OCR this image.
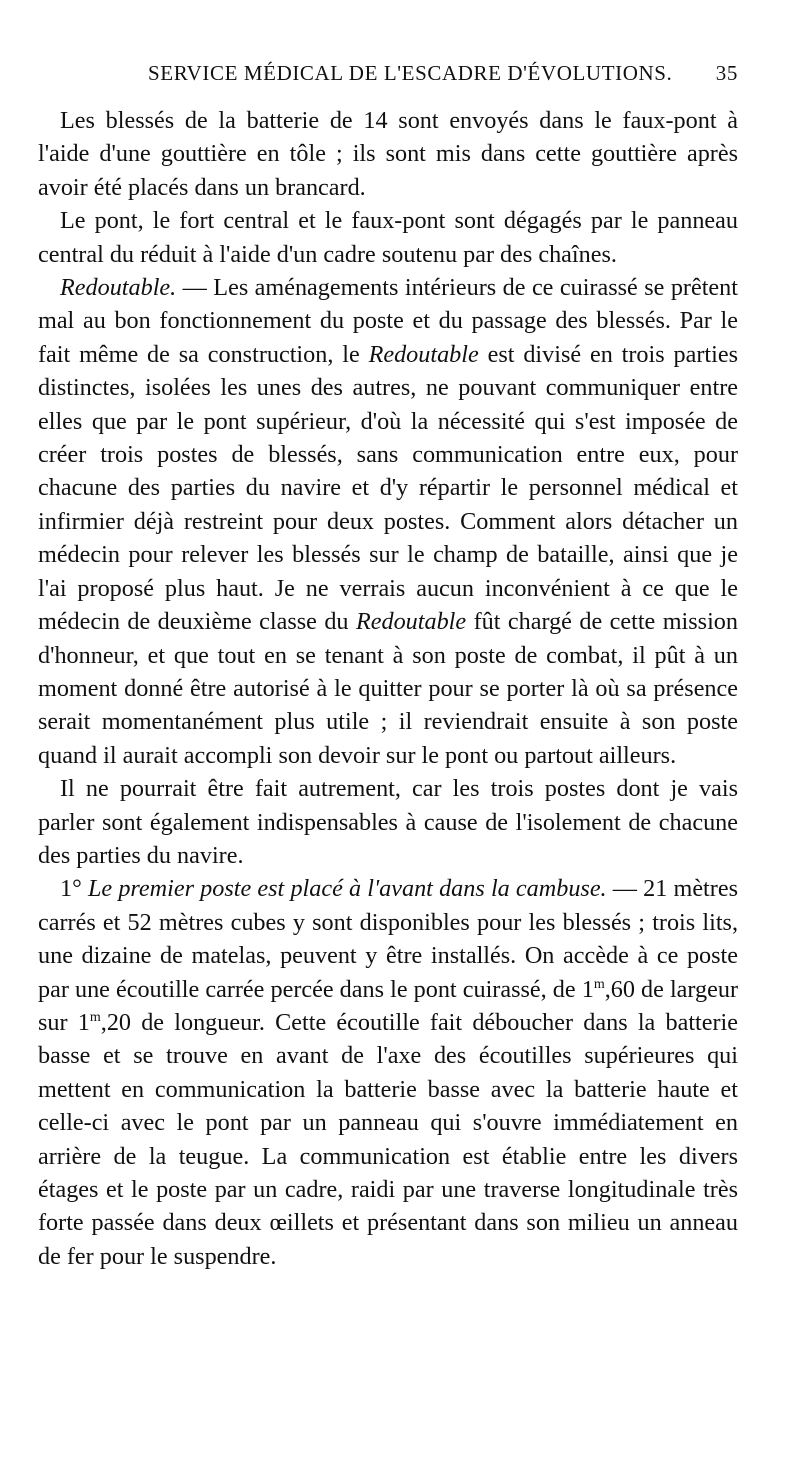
SERVICE MÉDICAL DE L'ESCADRE D'ÉVOLUTIONS. 35

Les blessés de la batterie de 14 sont envoyés dans le faux-pont à l'aide d'une gouttière en tôle ; ils sont mis dans cette gouttière après avoir été placés dans un brancard.

Le pont, le fort central et le faux-pont sont dégagés par le panneau central du réduit à l'aide d'un cadre soutenu par des chaînes.

Redoutable. — Les aménagements intérieurs de ce cuirassé se prêtent mal au bon fonctionnement du poste et du passage des blessés. Par le fait même de sa construction, le Redoutable est divisé en trois parties distinctes, isolées les unes des autres, ne pouvant communiquer entre elles que par le pont supérieur, d'où la nécessité qui s'est imposée de créer trois postes de blessés, sans communication entre eux, pour chacune des parties du navire et d'y répartir le personnel médical et infirmier déjà restreint pour deux postes. Comment alors détacher un médecin pour relever les blessés sur le champ de bataille, ainsi que je l'ai proposé plus haut. Je ne verrais aucun inconvénient à ce que le médecin de deuxième classe du Redoutable fût chargé de cette mission d'honneur, et que tout en se tenant à son poste de combat, il pût à un moment donné être autorisé à le quitter pour se porter là où sa présence serait momentanément plus utile ; il reviendrait ensuite à son poste quand il aurait accompli son devoir sur le pont ou partout ailleurs.

Il ne pourrait être fait autrement, car les trois postes dont je vais parler sont également indispensables à cause de l'isolement de chacune des parties du navire.

1° Le premier poste est placé à l'avant dans la cambuse. — 21 mètres carrés et 52 mètres cubes y sont disponibles pour les blessés ; trois lits, une dizaine de matelas, peuvent y être installés. On accède à ce poste par une écoutille carrée percée dans le pont cuirassé, de 1$^m$,60 de largeur sur 1$^m$,20 de longueur. Cette écoutille fait déboucher dans la batterie basse et se trouve en avant de l'axe des écoutilles supérieures qui mettent en communication la batterie basse avec la batterie haute et celle-ci avec le pont par un panneau qui s'ouvre immédiatement en arrière de la teugue. La communication est établie entre les divers étages et le poste par un cadre, raidi par une traverse longitudinale très forte passée dans deux œillets et présentant dans son milieu un anneau de fer pour le suspendre.
